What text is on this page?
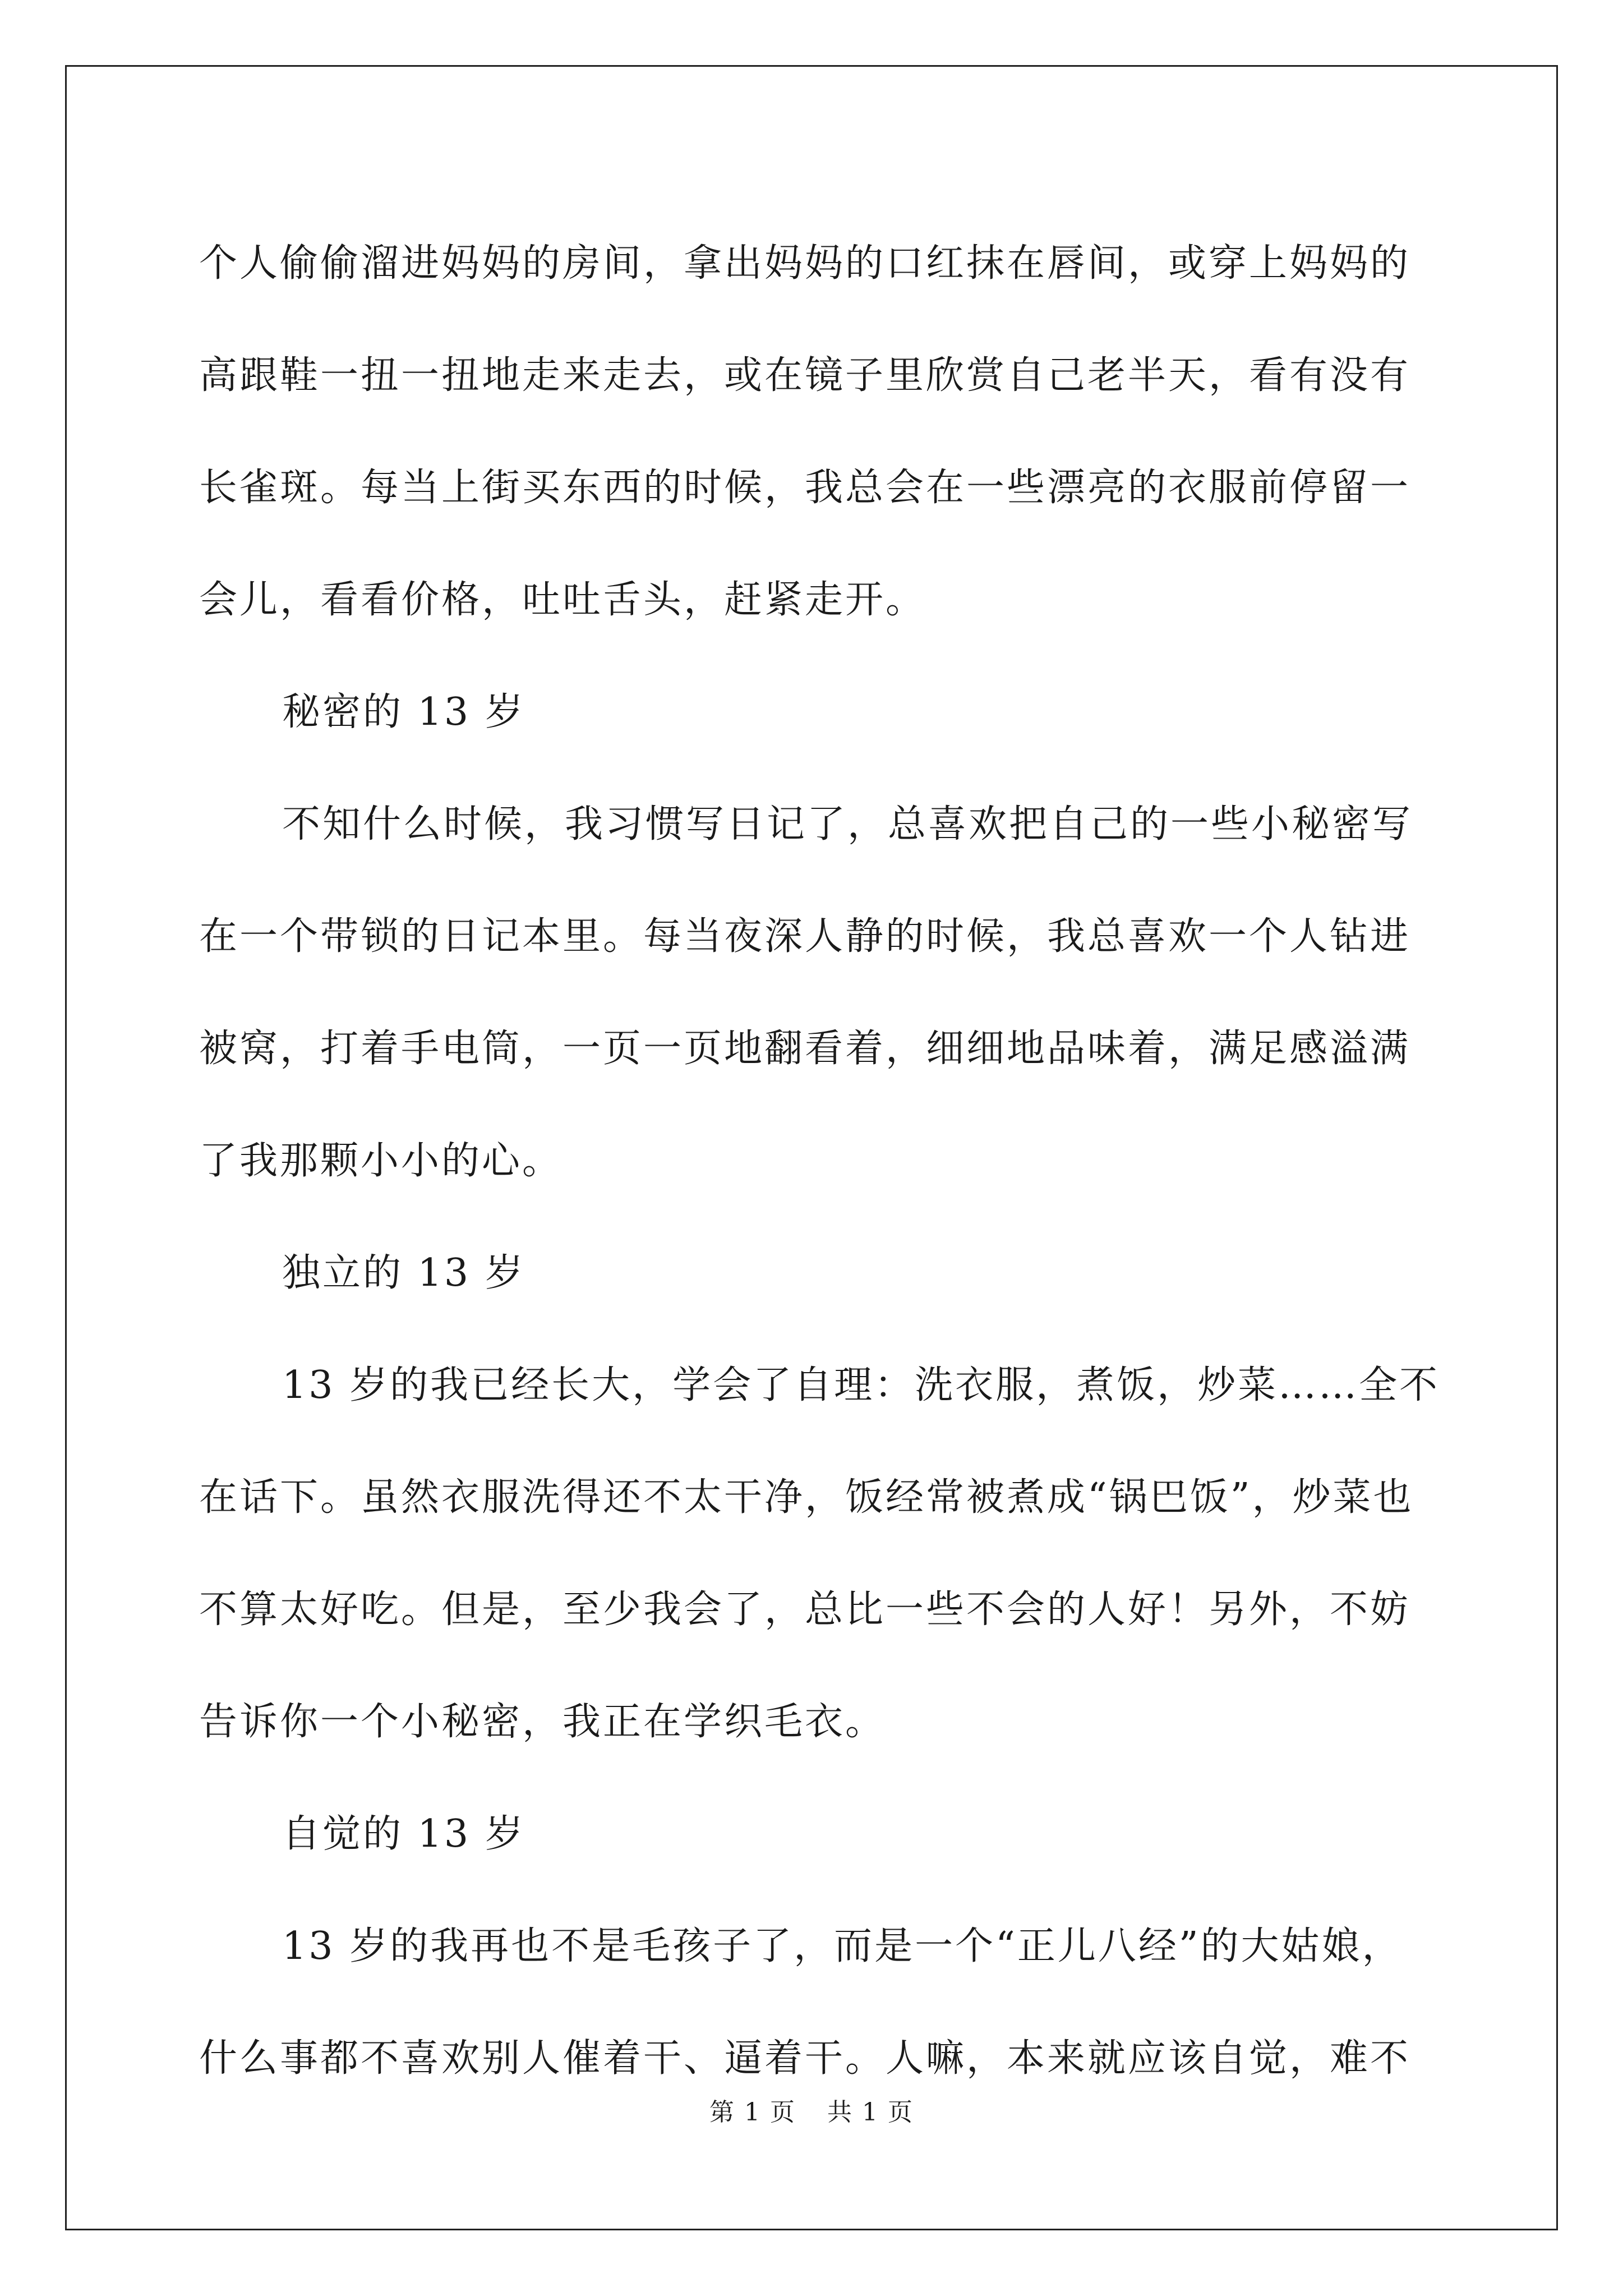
个人偷偷溜进妈妈的房间，拿出妈妈的口红抹在唇间，或穿上妈妈的
高跟鞋一扭一扭地走来走去，或在镜子里欣赏自己老半天，看有没有
长雀斑。每当上街买东西的时候，我总会在一些漂亮的衣服前停留一
会儿，看看价格，吐吐舌头，赶紧走开。
秘密的 13 岁
不知什么时候，我习惯写日记了，总喜欢把自己的一些小秘密写
在一个带锁的日记本里。每当夜深人静的时候，我总喜欢一个人钻进
被窝，打着手电筒，一页一页地翻看着，细细地品味着，满足感溢满
了我那颗小小的心。
独立的 13 岁
13 岁的我已经长大，学会了自理：洗衣服，煮饭，炒菜……全不
在话下。虽然衣服洗得还不太干净，饭经常被煮成“锅巴饭”，炒菜也
不算太好吃。但是，至少我会了，总比一些不会的人好！另外，不妨
告诉你一个小秘密，我正在学织毛衣。
自觉的 13 岁
13 岁的我再也不是毛孩子了，而是一个“正儿八经”的大姑娘，
什么事都不喜欢别人催着干、逼着干。人嘛，本来就应该自觉，难不
第 1 页 共 1 页
